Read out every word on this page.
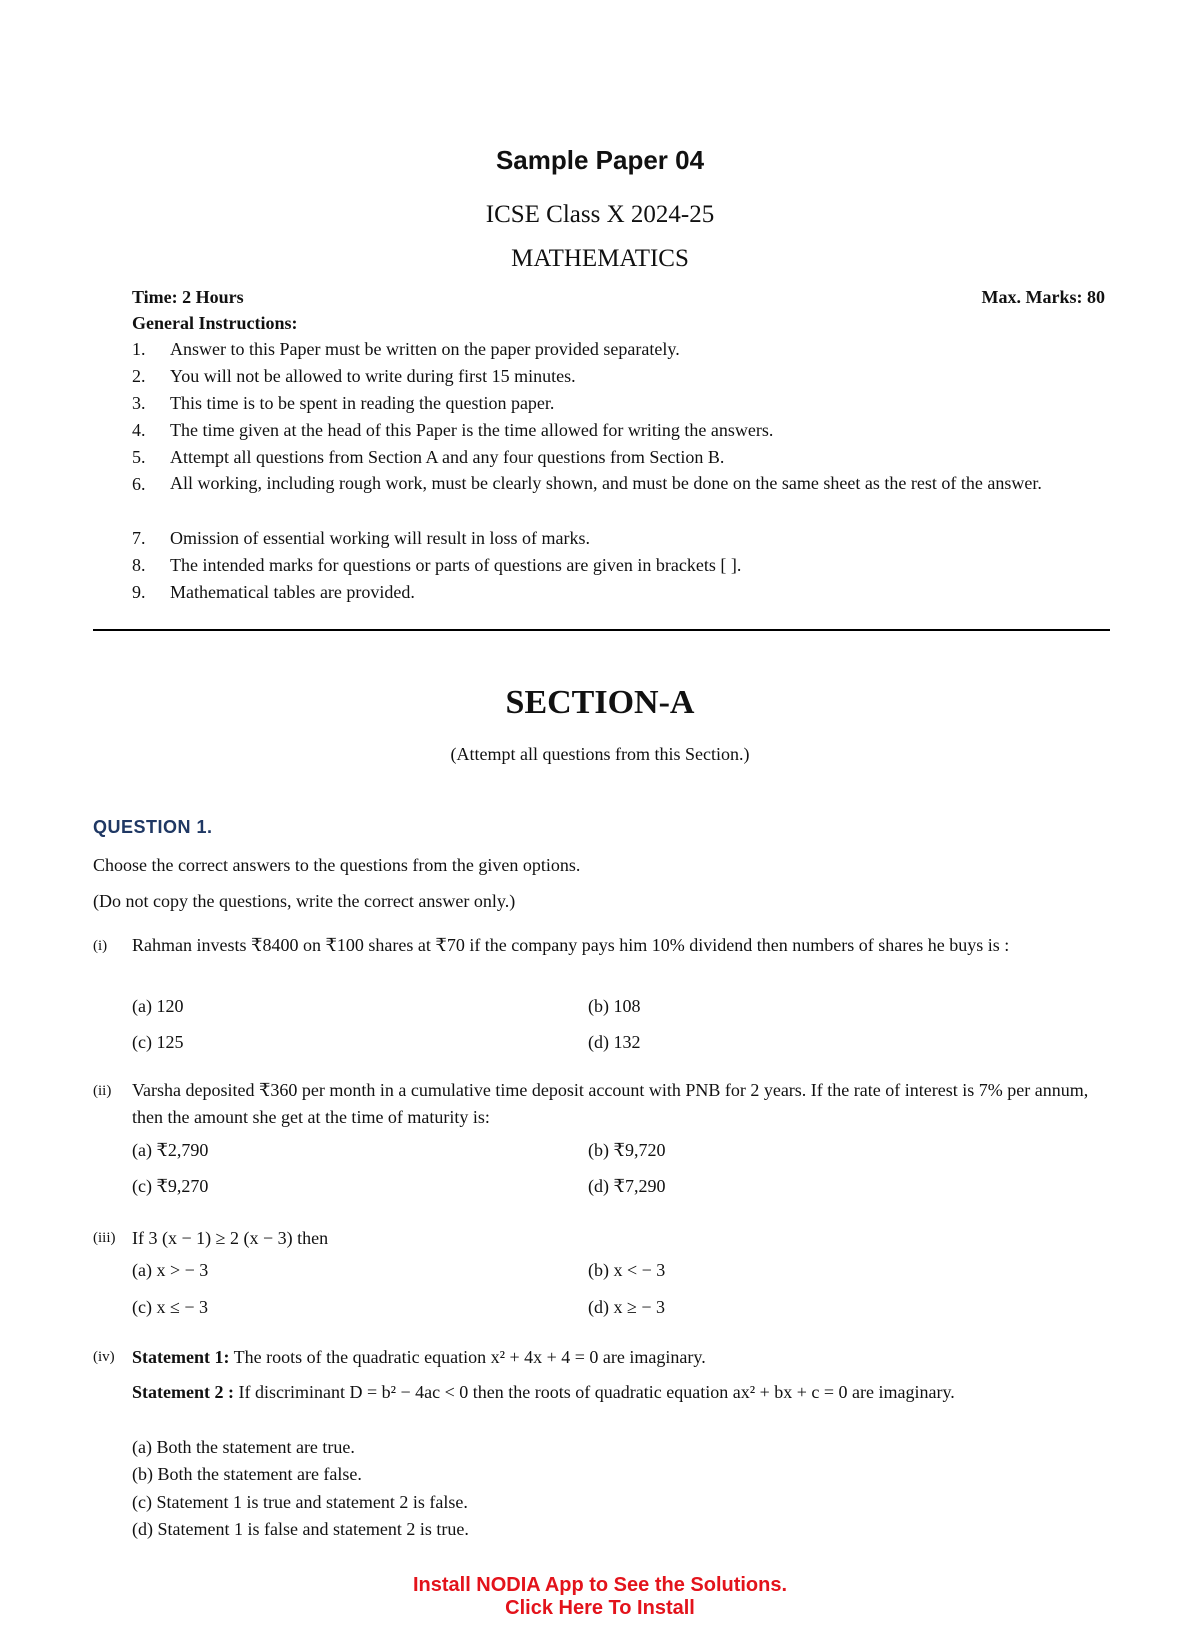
Sample Paper 04
ICSE Class X 2024-25
MATHEMATICS
Time: 2 Hours	Max. Marks: 80
General Instructions:
1. Answer to this Paper must be written on the paper provided separately.
2. You will not be allowed to write during first 15 minutes.
3. This time is to be spent in reading the question paper.
4. The time given at the head of this Paper is the time allowed for writing the answers.
5. Attempt all questions from Section A and any four questions from Section B.
6. All working, including rough work, must be clearly shown, and must be done on the same sheet as the rest of the answer.
7. Omission of essential working will result in loss of marks.
8. The intended marks for questions or parts of questions are given in brackets [ ].
9. Mathematical tables are provided.
SECTION-A
(Attempt all questions from this Section.)
QUESTION 1.
Choose the correct answers to the questions from the given options.
(Do not copy the questions, write the correct answer only.)
(i) Rahman invests ₹8400 on ₹100 shares at ₹70 if the company pays him 10% dividend then numbers of shares he buys is :
(a) 120	(b) 108
(c) 125	(d) 132
(ii) Varsha deposited ₹360 per month in a cumulative time deposit account with PNB for 2 years. If the rate of interest is 7% per annum, then the amount she get at the time of maturity is:
(a) ₹2,790	(b) ₹9,720
(c) ₹9,270	(d) ₹7,290
(iii) If 3 (x − 1) ≥ 2 (x − 3) then
(a) x > − 3	(b) x < − 3
(c) x ≤ − 3	(d) x ≥ − 3
(iv) Statement 1: The roots of the quadratic equation x² + 4x + 4 = 0 are imaginary.
Statement 2 : If discriminant D = b² − 4ac < 0 then the roots of quadratic equation ax² + bx + c = 0 are imaginary.
(a) Both the statement are true.
(b) Both the statement are false.
(c) Statement 1 is true and statement 2 is false.
(d) Statement 1 is false and statement 2 is true.
Install NODIA App to See the Solutions.
Click Here To Install
